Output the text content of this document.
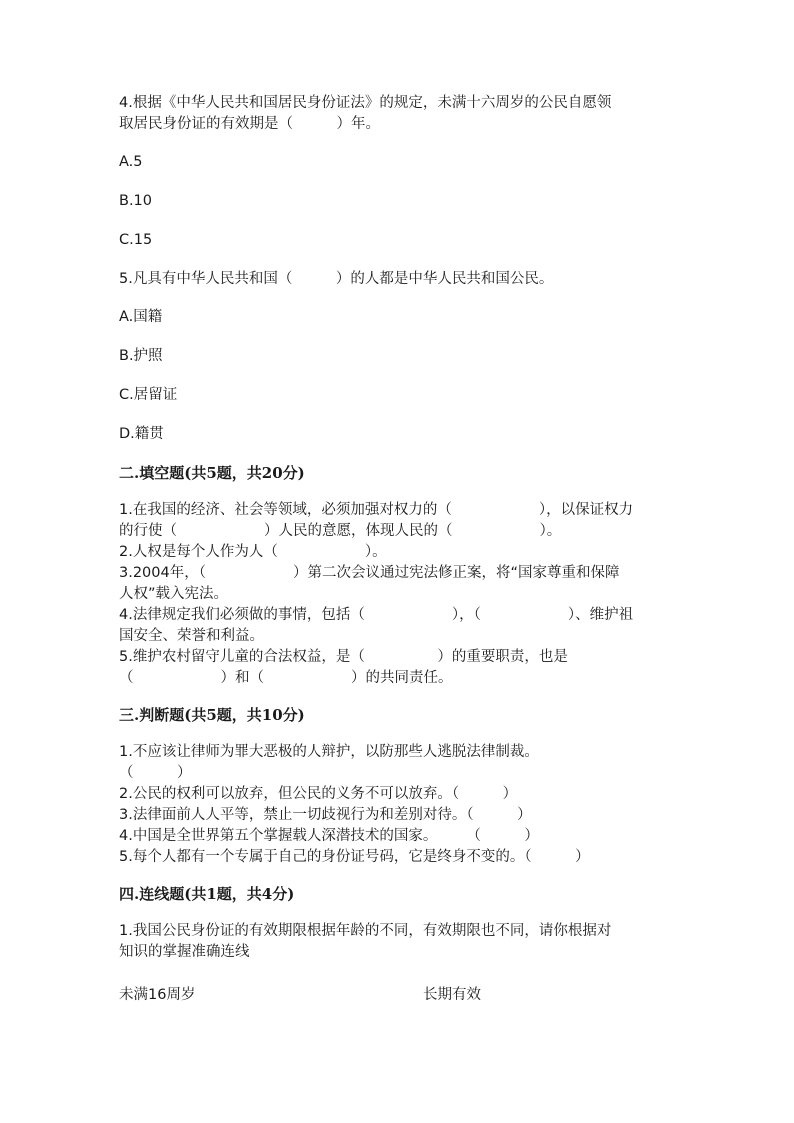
4.根据《中华人民共和国居民身份证法》的规定，未满十六周岁的公民自愿领

取居民身份证的有效期是（　　　）年。

A.5

B.10

C.15

5.凡具有中华人民共和国（　　　）的人都是中华人民共和国公民。

A.国籍

B.护照

C.居留证

D.籍贯

二.填空题(共5题，共20分)

1.在我国的经济、社会等领域，必须加强对权力的（　　　　　　），以保证权力

的行使（　　　　　　）人民的意愿，体现人民的（　　　　　　）。

2.人权是每个人作为人（　　　　　　）。

3.2004年，（　　　　　　）第二次会议通过宪法修正案，将“国家尊重和保障

人权”载入宪法。

4.法律规定我们必须做的事情，包括（　　　　　　），（　　　　　　）、维护祖

国安全、荣誉和利益。

5.维护农村留守儿童的合法权益，是（　　　　　）的重要职责，也是

（　　　　　　）和（　　　　　　）的共同责任。

三.判断题(共5题，共10分)

1.不应该让律师为罪大恶极的人辩护，以防那些人逃脱法律制裁。

（　　　）

2.公民的权利可以放弃，但公民的义务不可以放弃。（　　　）

3.法律面前人人平等，禁止一切歧视行为和差别对待。（　　　）

4.中国是全世界第五个掌握载人深潜技术的国家。　　　（　　　）

5.每个人都有一个专属于自己的身份证号码，它是终身不变的。（　　　）

四.连线题(共1题，共4分)

1.我国公民身份证的有效期限根据年龄的不同，有效期限也不同，请你根据对

知识的掌握准确连线

未满16周岁	长期有效
